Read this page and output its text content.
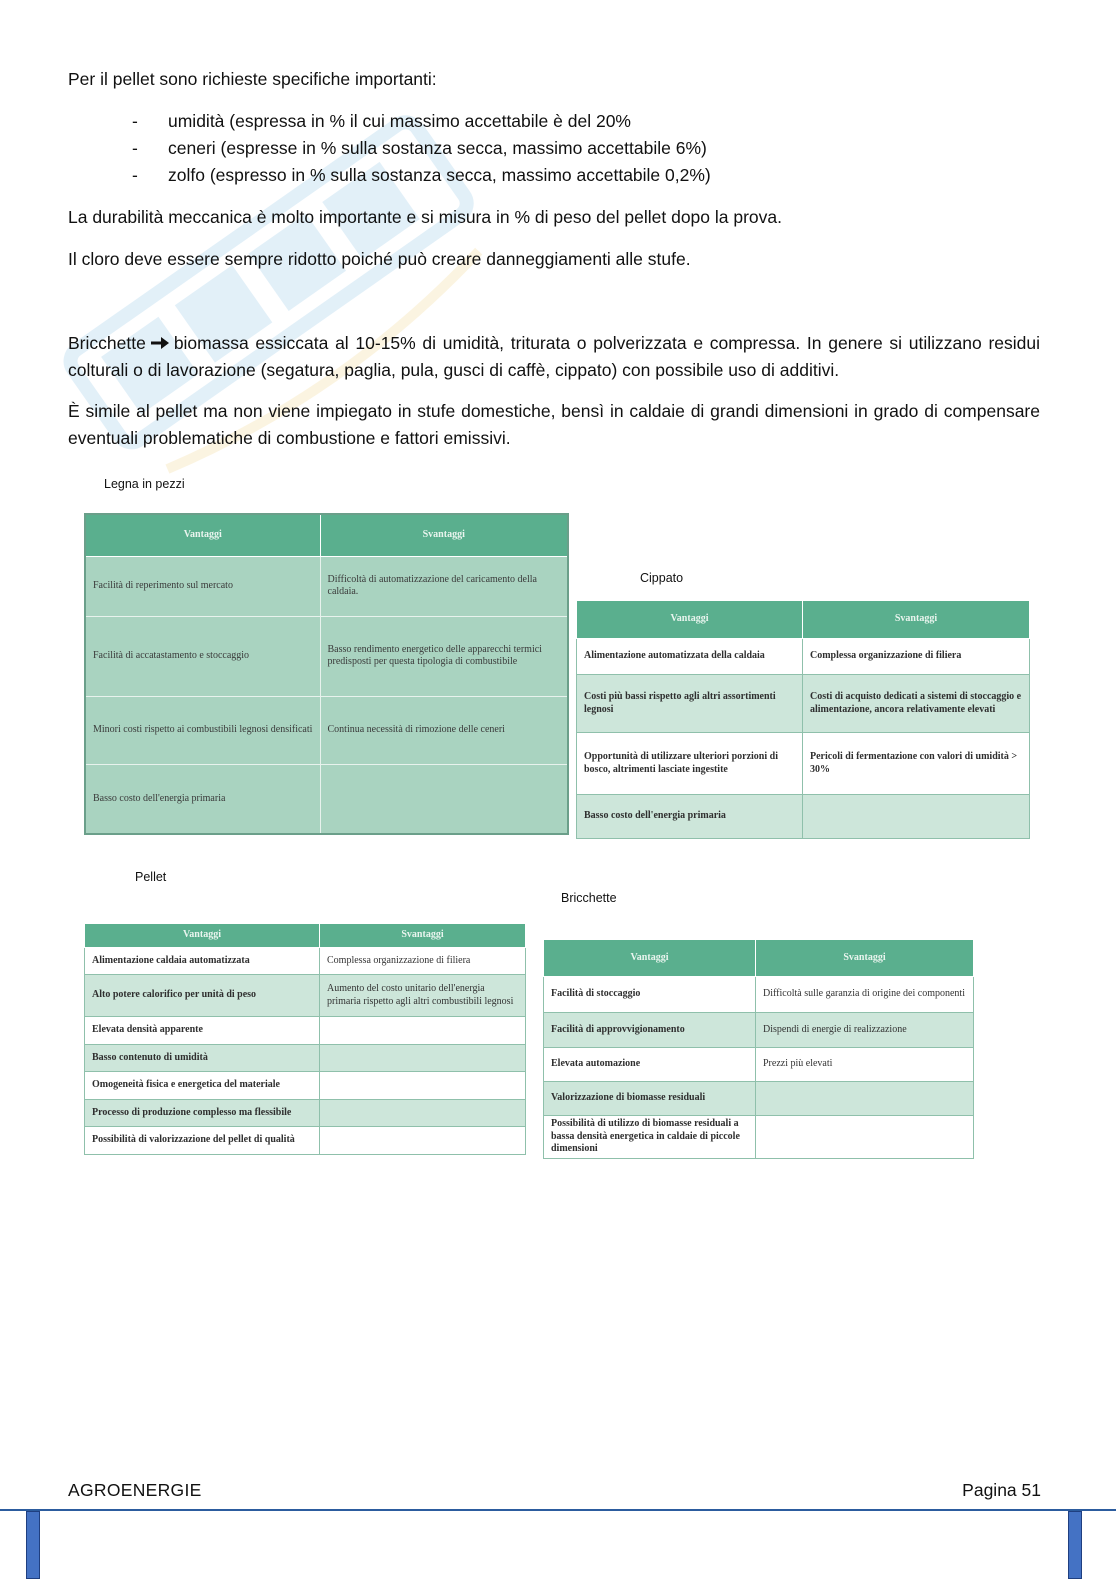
Per il pellet sono richieste specifiche importanti:

- umidità (espressa in % il cui massimo accettabile è del 20%
- ceneri (espresse in % sulla sostanza secca, massimo accettabile 6%)
- zolfo (espresso in % sulla sostanza secca, massimo accettabile 0,2%)

La durabilità meccanica è molto importante e si misura in % di peso del pellet dopo la prova.

Il cloro deve essere sempre ridotto poiché può creare danneggiamenti alle stufe.

Bricchette biomassa essiccata al 10-15% di umidità, triturata o polverizzata e compressa. In genere si utilizzano residui colturali o di lavorazione (segatura, paglia, pula, gusci di caffè, cippato) con possibile uso di additivi.

È simile al pellet ma non viene impiegato in stufe domestiche, bensì in caldaie di grandi dimensioni in grado di compensare eventuali problematiche di combustione e fattori emissivi.

Legna in pezzi
Vantaggi	Svantaggi
Facilità di reperimento sul mercato	Difficoltà di automatizzazione del caricamento della caldaia.
Facilità di accatastamento e stoccaggio	Basso rendimento energetico delle apparecchi termici predisposti per questa tipologia di combustibile
Minori costi rispetto ai combustibili legnosi densificati	Continua necessità di rimozione delle ceneri
Basso costo dell'energia primaria	
Cippato
Vantaggi	Svantaggi
Alimentazione automatizzata della caldaia	Complessa organizzazione di filiera
Costi più bassi rispetto agli altri assortimenti legnosi	Costi di acquisto dedicati a sistemi di stoccaggio e alimentazione, ancora relativamente elevati
Opportunità di utilizzare ulteriori porzioni di bosco, altrimenti lasciate ingestite	Pericoli di fermentazione con valori di umidità > 30%
Basso costo dell'energia primaria	
Pellet
Vantaggi	Svantaggi
Alimentazione caldaia automatizzata	Complessa organizzazione di filiera
Alto potere calorifico per unità di peso	Aumento del costo unitario dell'energia primaria rispetto agli altri combustibili legnosi
Elevata densità apparente	
Basso contenuto di umidità	
Omogeneità fisica e energetica del materiale	
Processo di produzione complesso ma flessibile	
Possibilità di valorizzazione del pellet di qualità	
Bricchette
Vantaggi	Svantaggi
Facilità di stoccaggio	Difficoltà sulle garanzia di origine dei componenti
Facilità di approvvigionamento	Dispendi di energie di realizzazione
Elevata automazione	Prezzi più elevati
Valorizzazione di biomasse residuali	
Possibilità di utilizzo di biomasse residuali a bassa densità energetica in caldaie di piccole dimensioni	
AGROENERGIE	Pagina 51
